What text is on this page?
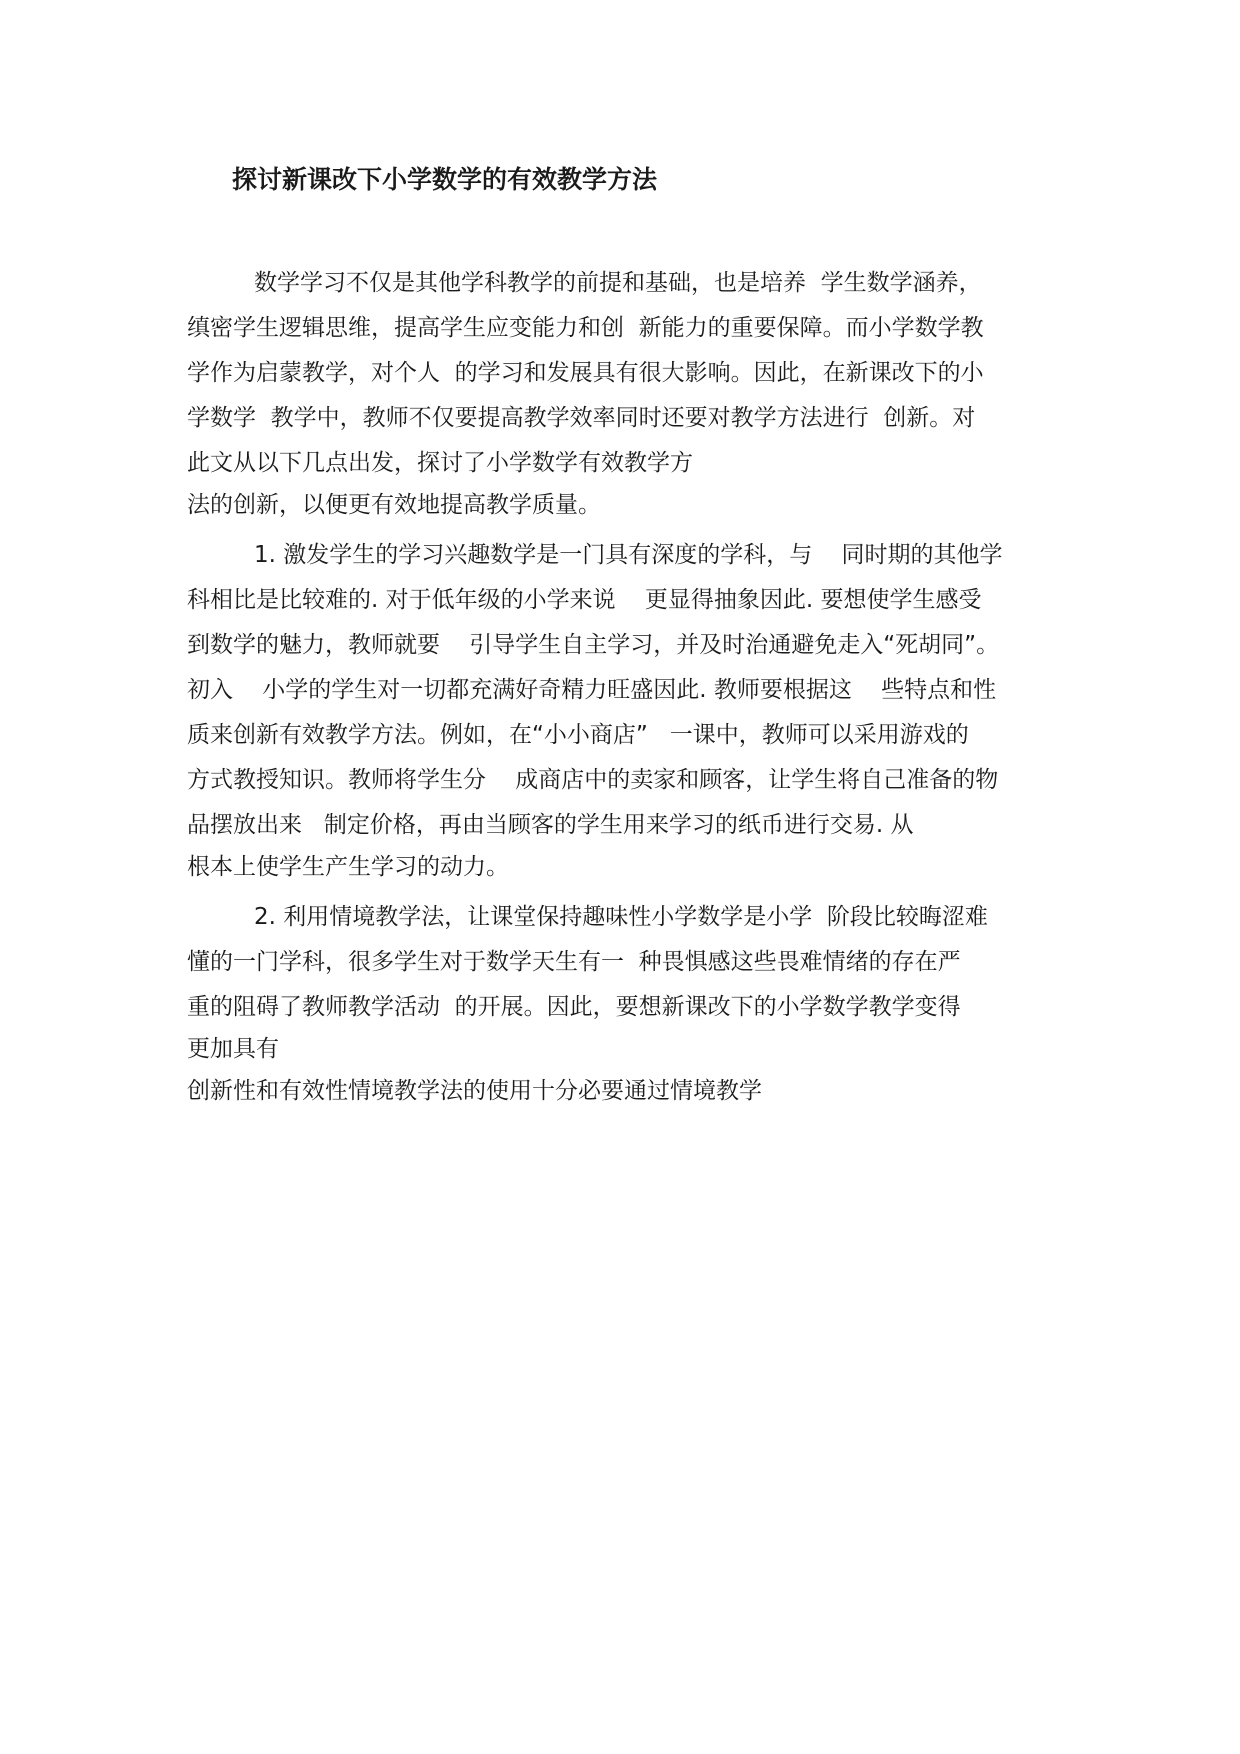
探讨新课改下小学数学的有效教学方法
数学学习不仅是其他学科教学的前提和基础，也是培养  学生数学涵养，
缜密学生逻辑思维，提高学生应变能力和创  新能力的重要保障。而小学数学教
学作为启蒙教学，对个人  的学习和发展具有很大影响。因此，在新课改下的小
学数学  教学中，教师不仅要提高教学效率同时还要对教学方法进行  创新。对
此文从以下几点出发，探讨了小学数学有效教学方
法的创新，以便更有效地提高教学质量。
1. 激发学生的学习兴趣数学是一门具有深度的学科，与    同时期的其他学
科相比是比较难的. 对于低年级的小学来说    更显得抽象因此. 要想使学生感受
到数学的魅力，教师就要    引导学生自主学习，并及时治通避免走入“死胡同”。
初入    小学的学生对一切都充满好奇精力旺盛因此. 教师要根据这    些特点和性
质来创新有效教学方法。例如，在“小小商店”   一课中，教师可以采用游戏的
方式教授知识。教师将学生分    成商店中的卖家和顾客，让学生将自己准备的物
品摆放出来   制定价格，再由当顾客的学生用来学习的纸币进行交易. 从
根本上使学生产生学习的动力。
2. 利用情境教学法，让课堂保持趣味性小学数学是小学  阶段比较晦涩难
懂的一门学科，很多学生对于数学天生有一  种畏惧感这些畏难情绪的存在严
重的阻碍了教师教学活动  的开展。因此，要想新课改下的小学数学教学变得
更加具有
创新性和有效性情境教学法的使用十分必要通过情境教学
